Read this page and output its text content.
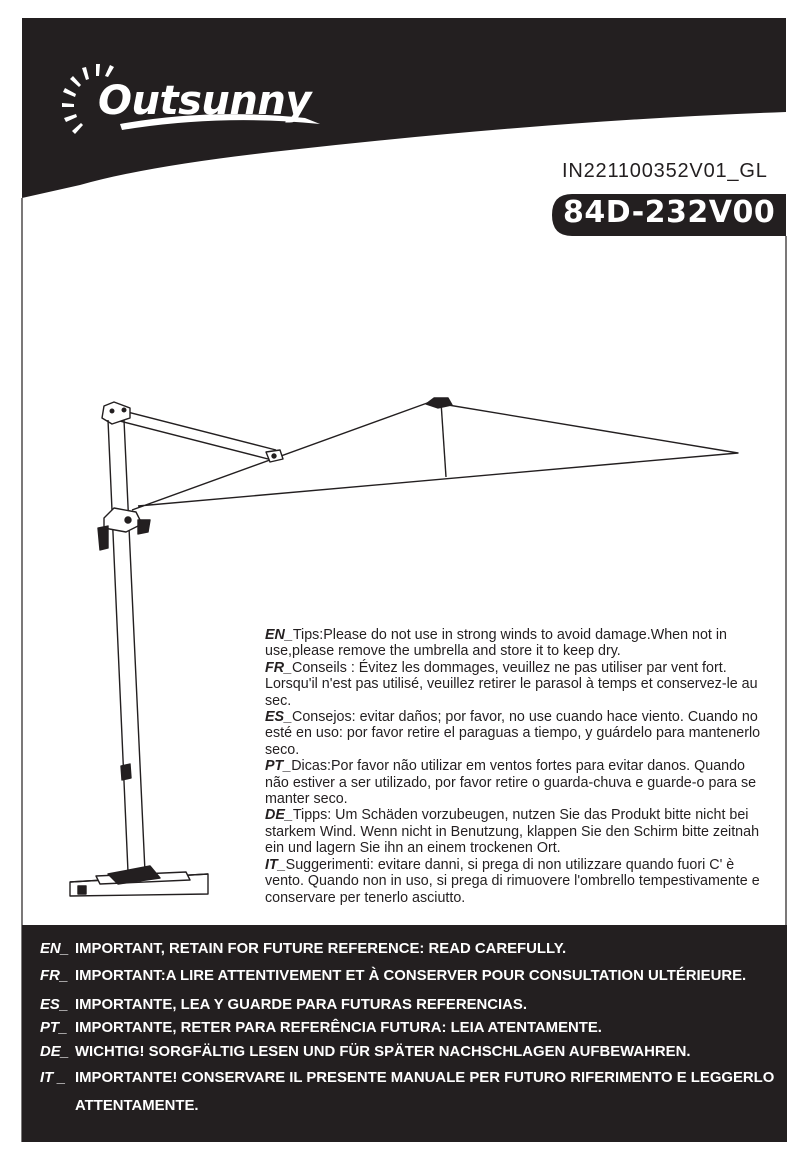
Outsunny
IN221100352V01_GL
84D-232V00

EN_Tips:Please do not use in strong winds to avoid damage.When not in use,please remove the umbrella and store it to keep dry.

FR_Conseils : Évitez les dommages, veuillez ne pas utiliser par vent fort. Lorsqu'il n'est pas utilisé, veuillez retirer le parasol à temps et conservez-le au sec.

ES_Consejos: evitar daños; por favor, no use cuando hace viento. Cuando no esté en uso: por favor retire el paraguas a tiempo, y guárdelo para mantenerlo seco.

PT_Dicas:Por favor não utilizar em ventos fortes para evitar danos. Quando não estiver a ser utilizado, por favor retire o guarda-chuva e guarde-o para se manter seco.

DE_Tipps: Um Schäden vorzubeugen, nutzen Sie das Produkt bitte nicht bei starkem Wind. Wenn nicht in Benutzung, klappen Sie den Schirm bitte zeitnah ein und lagern Sie ihn an einem trockenen Ort.

IT_Suggerimenti: evitare danni, si prega di non utilizzare quando fuori C' è vento. Quando non in uso, si prega di rimuovere l'ombrello tempestivamente e conservare per tenerlo asciutto.

EN_ IMPORTANT, RETAIN FOR FUTURE REFERENCE: READ CAREFULLY.
FR_ IMPORTANT:A LIRE ATTENTIVEMENT ET À CONSERVER POUR CONSULTATION ULTÉRIEURE.
ES_ IMPORTANTE, LEA Y GUARDE PARA FUTURAS REFERENCIAS.
PT_ IMPORTANTE, RETER PARA REFERÊNCIA FUTURA: LEIA ATENTAMENTE.
DE_ WICHTIG! SORGFÄLTIG LESEN UND FÜR SPÄTER NACHSCHLAGEN AUFBEWAHREN.
IT _ IMPORTANTE! CONSERVARE IL PRESENTE MANUALE PER FUTURO RIFERIMENTO E LEGGERLO ATTENTAMENTE.
